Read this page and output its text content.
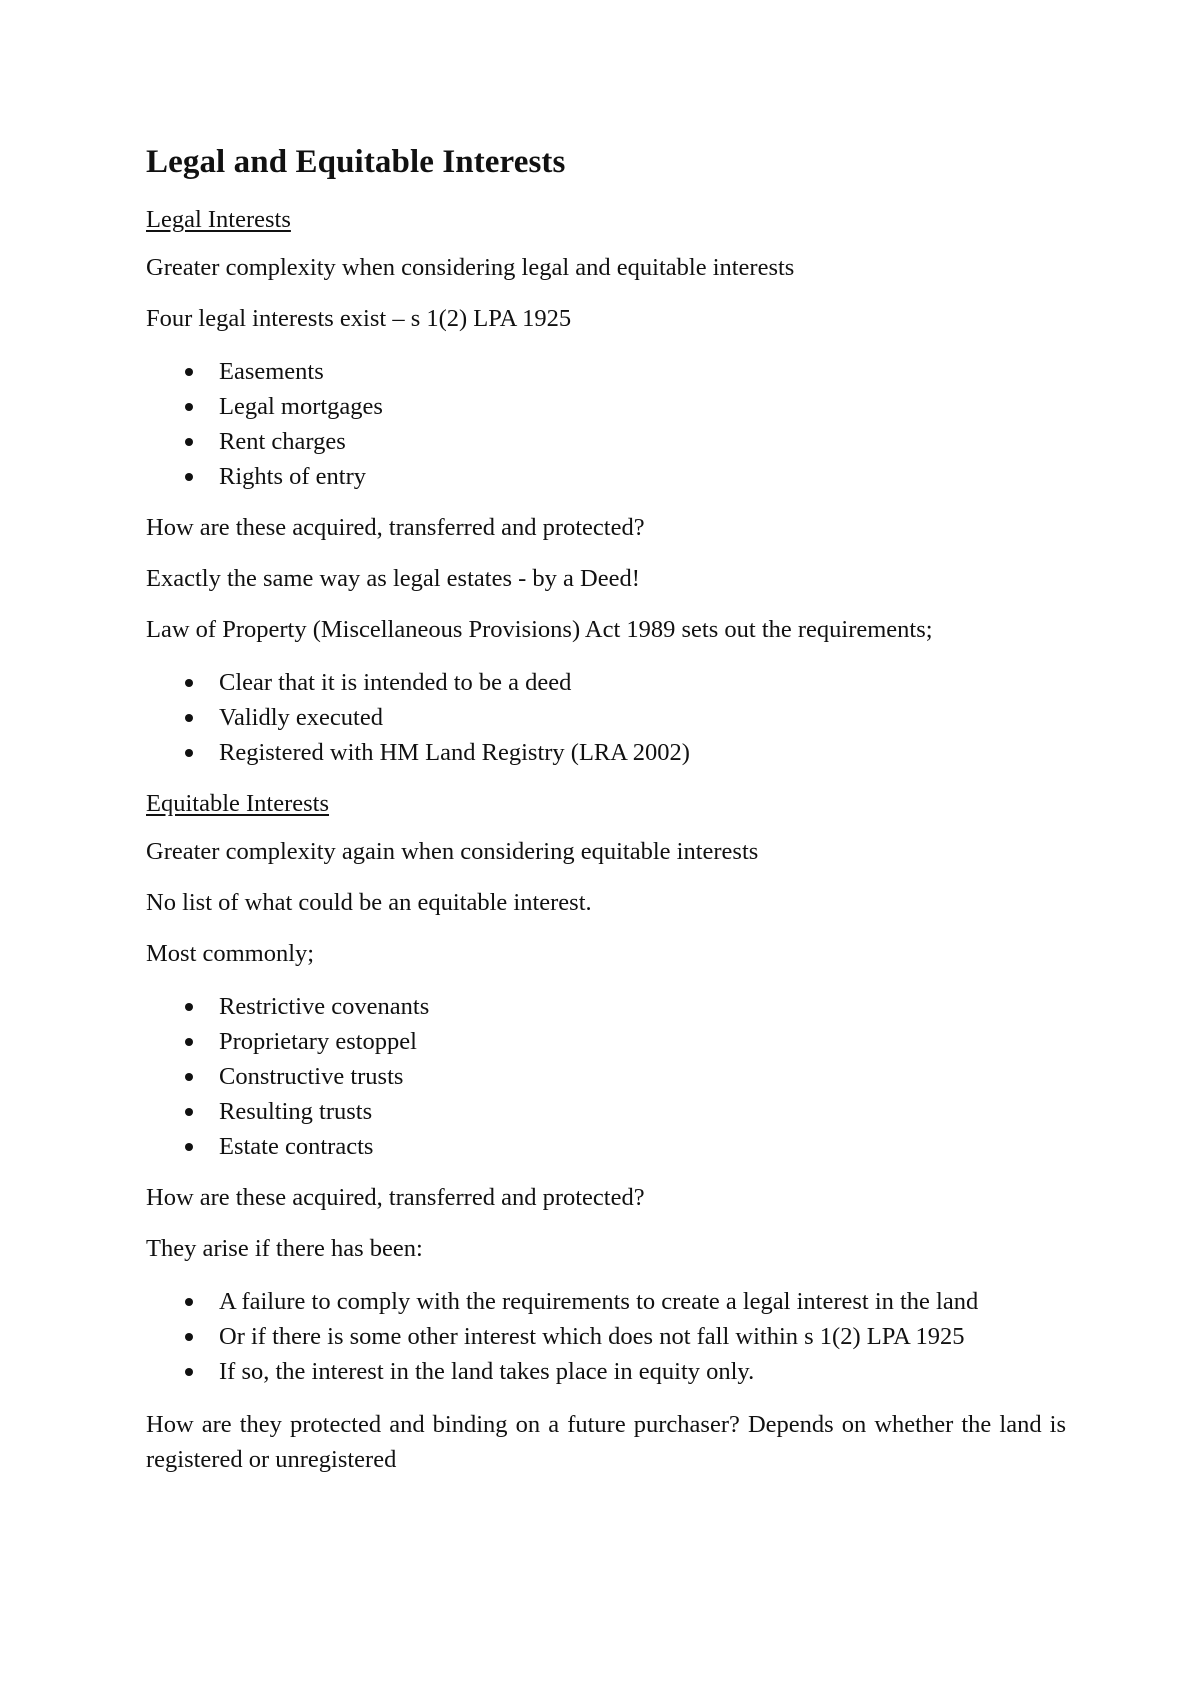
Legal and Equitable Interests
Legal Interests

Greater complexity when considering legal and equitable interests

Four legal interests exist – s 1(2) LPA 1925

Easements
Legal mortgages
Rent charges
Rights of entry

How are these acquired, transferred and protected?

Exactly the same way as legal estates - by a Deed!

Law of Property (Miscellaneous Provisions) Act 1989 sets out the requirements;

Clear that it is intended to be a deed
Validly executed
Registered with HM Land Registry (LRA 2002)
Equitable Interests

Greater complexity again when considering equitable interests

No list of what could be an equitable interest.

Most commonly;

Restrictive covenants
Proprietary estoppel
Constructive trusts
Resulting trusts
Estate contracts

How are these acquired, transferred and protected?

They arise if there has been:

A failure to comply with the requirements to create a legal interest in the land
Or if there is some other interest which does not fall within s 1(2) LPA 1925
If so, the interest in the land takes place in equity only.

How are they protected and binding on a future purchaser? Depends on whether the land is registered or unregistered
